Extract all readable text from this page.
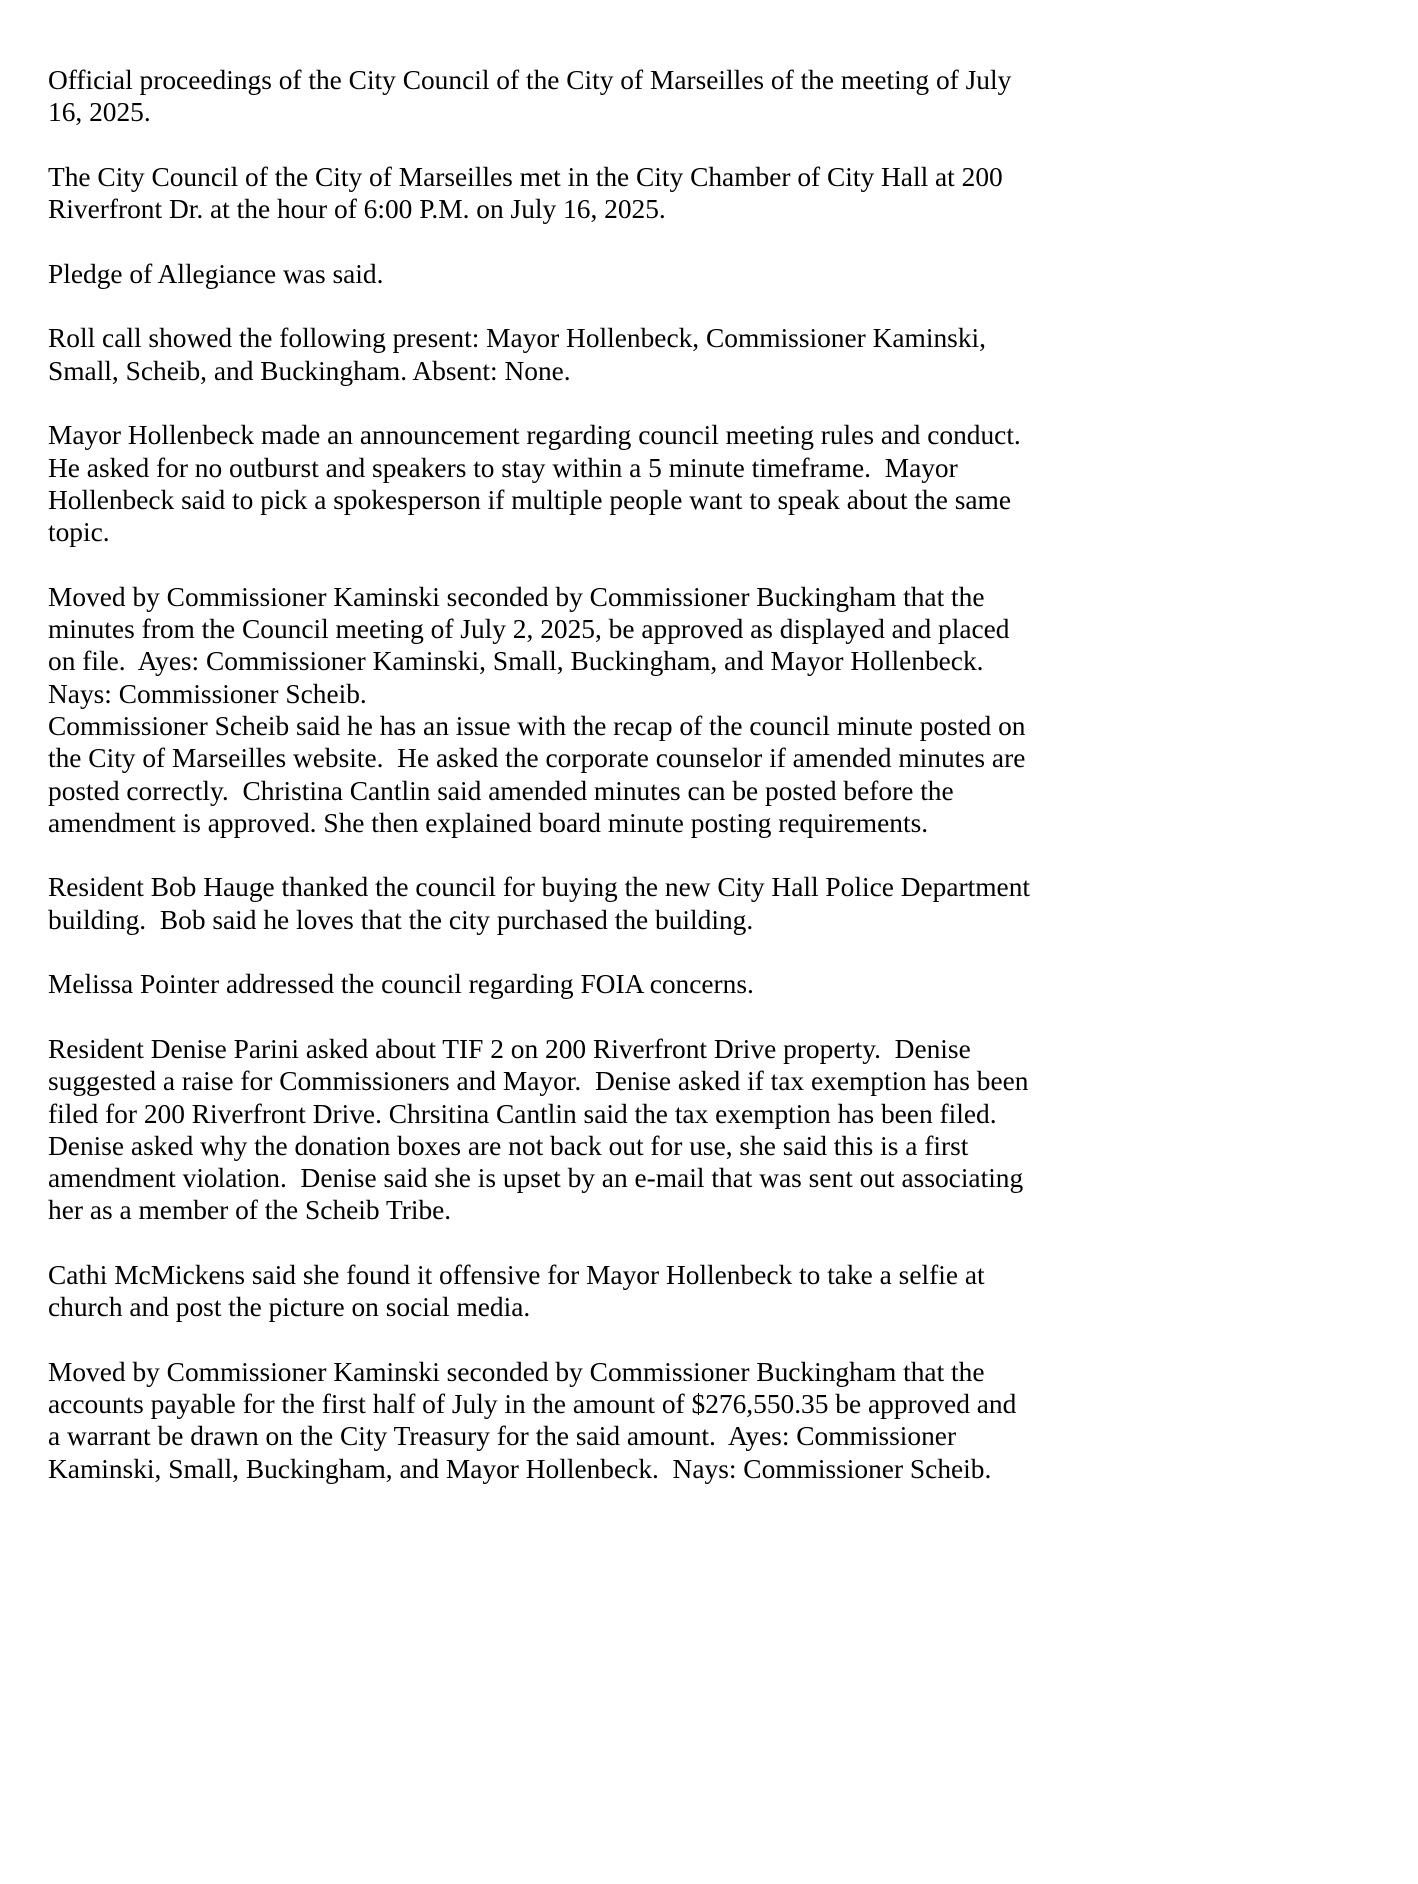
Official proceedings of the City Council of the City of Marseilles of the meeting of July
16, 2025.
The City Council of the City of Marseilles met in the City Chamber of City Hall at 200
Riverfront Dr. at the hour of 6:00 P.M. on July 16, 2025.
Pledge of Allegiance was said.
Roll call showed the following present: Mayor Hollenbeck, Commissioner Kaminski,
Small, Scheib, and Buckingham. Absent: None.
Mayor Hollenbeck made an announcement regarding council meeting rules and conduct.
He asked for no outburst and speakers to stay within a 5 minute timeframe.  Mayor
Hollenbeck said to pick a spokesperson if multiple people want to speak about the same
topic.
Moved by Commissioner Kaminski seconded by Commissioner Buckingham that the
minutes from the Council meeting of July 2, 2025, be approved as displayed and placed
on file.  Ayes: Commissioner Kaminski, Small, Buckingham, and Mayor Hollenbeck.
Nays: Commissioner Scheib.
Commissioner Scheib said he has an issue with the recap of the council minute posted on
the City of Marseilles website.  He asked the corporate counselor if amended minutes are
posted correctly.  Christina Cantlin said amended minutes can be posted before the
amendment is approved. She then explained board minute posting requirements.
Resident Bob Hauge thanked the council for buying the new City Hall Police Department
building.  Bob said he loves that the city purchased the building.
Melissa Pointer addressed the council regarding FOIA concerns.
Resident Denise Parini asked about TIF 2 on 200 Riverfront Drive property.  Denise
suggested a raise for Commissioners and Mayor.  Denise asked if tax exemption has been
filed for 200 Riverfront Drive. Chrsitina Cantlin said the tax exemption has been filed.
Denise asked why the donation boxes are not back out for use, she said this is a first
amendment violation.  Denise said she is upset by an e-mail that was sent out associating
her as a member of the Scheib Tribe.
Cathi McMickens said she found it offensive for Mayor Hollenbeck to take a selfie at
church and post the picture on social media.
Moved by Commissioner Kaminski seconded by Commissioner Buckingham that the
accounts payable for the first half of July in the amount of $276,550.35 be approved and
a warrant be drawn on the City Treasury for the said amount.  Ayes: Commissioner
Kaminski, Small, Buckingham, and Mayor Hollenbeck.  Nays: Commissioner Scheib.
